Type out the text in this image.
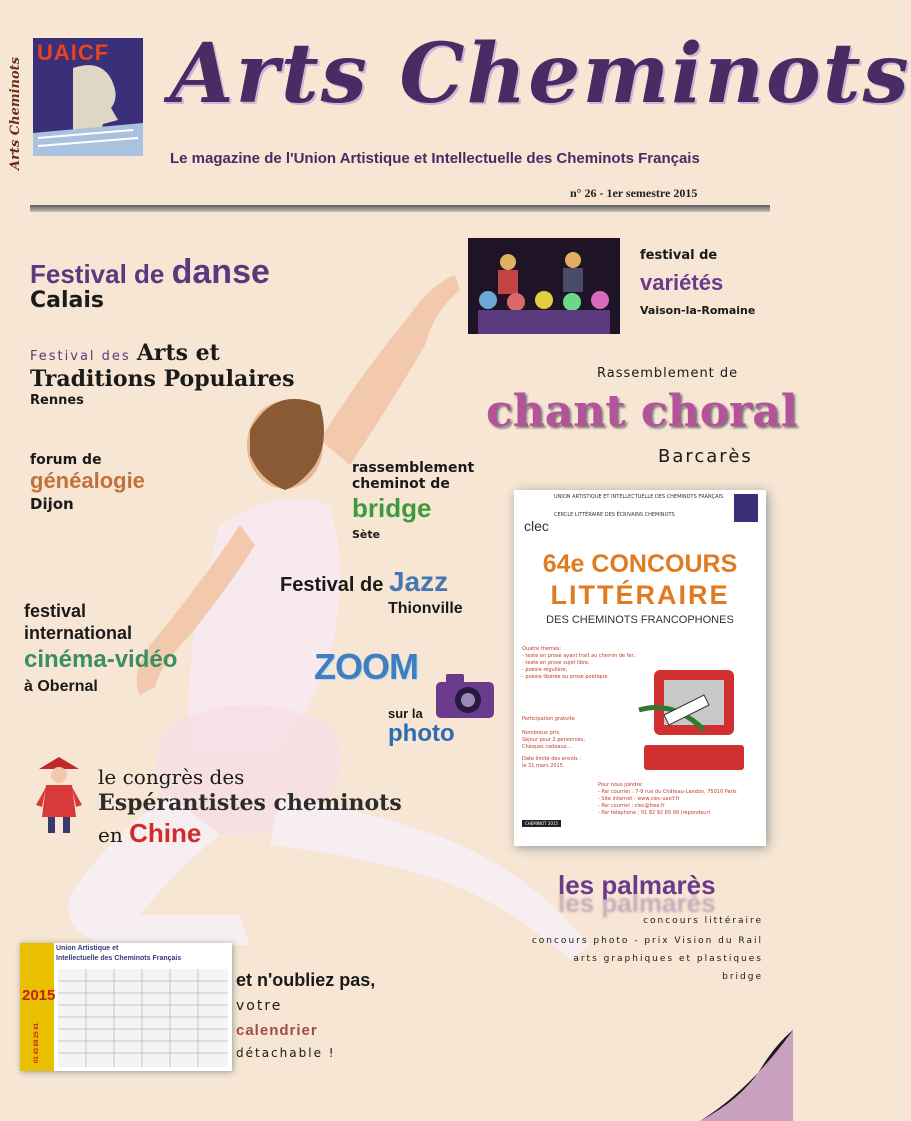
Arts Cheminots
UAICF Arts Cheminots
Le magazine de l'Union Artistique et Intellectuelle des Cheminots Français
n° 26 - 1er semestre 2015
Festival de danse
Calais
Festival des Arts et
Traditions Populaires
Rennes
forum de
généalogie
Dijon
rassemblement
cheminot de
bridge
Sète
Festival de Jazz
Thionville
festival
international
cinéma-vidéo
à Obernal	ZOOM
sur la
photo
le congrès des
Espérantistes cheminots
en Chine
festival de
variétés
Vaison-la-Romaine
Rassemblement de
chant choral
Barcarès
UNION ARTISTIQUE ET INTELLECTUELLE DES CHEMINOTS FRANÇAIS
CERCLE LITTÉRAIRE DES ÉCRIVAINS CHEMINOTS
clec
64e CONCOURS
LITTÉRAIRE
DES CHEMINOTS FRANCOPHONES
Quatre thèmes:
- texte en prose ayant trait au chemin de fer,
- texte en prose sujet libre,
- poésie régulière,
- poésie libérée ou prose poétique.
Participation gratuite
Nombreux prix,
Séjour pour 2 personnes,
Chèques cadeaux...
Date limite des envois :
le 31 mars 2015
Pour nous joindre:
- Par courrier : 7-9 rue du Château-Landon, 75010 Paris
- Site internet : www.clec-uaicf.fr
- Par courriel : clec@free.fr
- Par téléphone : 01 82 92 65 99 (répondeur)
CHEMINOT 2015
les palmarès
concours littéraire
concours photo - prix Vision du Rail
arts graphiques et plastiques
bridge
2015
01 43 89 25 91
Union Artistique et
Intellectuelle des Cheminots Français
et n'oubliez pas,
votre
calendrier
détachable !
